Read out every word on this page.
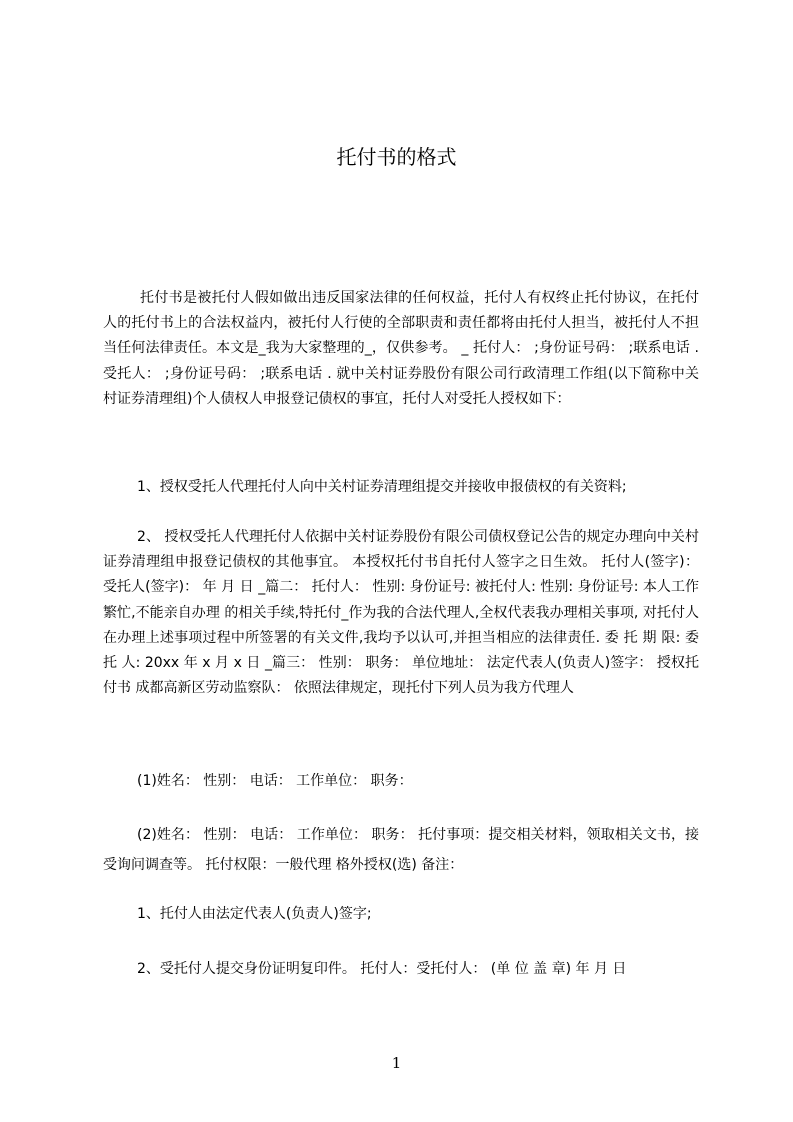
托付书的格式

托付书是被托付人假如做出违反国家法律的任何权益，托付人有权终止托付协议，在托付人的托付书上的合法权益内，被托付人行使的全部职责和责任都将由托付人担当，被托付人不担当任何法律责任。本文是_我为大家整理的_，仅供参考。 _ 托付人： ;身份证号码： ;联系电话 . 受托人： ;身份证号码： ;联系电话 . 就中关村证券股份有限公司行政清理工作组(以下简称中关村证券清理组)个人债权人申报登记债权的事宜，托付人对受托人授权如下：

1、授权受托人代理托付人向中关村证券清理组提交并接收申报债权的有关资料;

2、 授权受托人代理托付人依据中关村证券股份有限公司债权登记公告的规定办理向中关村证券清理组申报登记债权的其他事宜。 本授权托付书自托付人签字之日生效。 托付人(签字)： 受托人(签字)： 年 月 日 _篇二： 托付人： 性别: 身份证号: 被托付人: 性别: 身份证号: 本人工作繁忙,不能亲自办理 的相关手续,特托付_作为我的合法代理人,全权代表我办理相关事项, 对托付人在办理上述事项过程中所签署的有关文件,我均予以认可,并担当相应的法律责任. 委 托 期 限: 委 托 人: 20xx 年 x 月 x 日 _篇三： 性别： 职务： 单位地址： 法定代表人(负责人)签字： 授权托付书 成都高新区劳动监察队： 依照法律规定，现托付下列人员为我方代理人

(1)姓名： 性别： 电话： 工作单位： 职务：

(2)姓名： 性别： 电话： 工作单位： 职务： 托付事项：提交相关材料，领取相关文书，接受询问调查等。 托付权限：一般代理 格外授权(选) 备注：

1、托付人由法定代表人(负责人)签字;

2、受托付人提交身份证明复印件。 托付人：受托付人： (单 位 盖 章) 年 月 日

1
